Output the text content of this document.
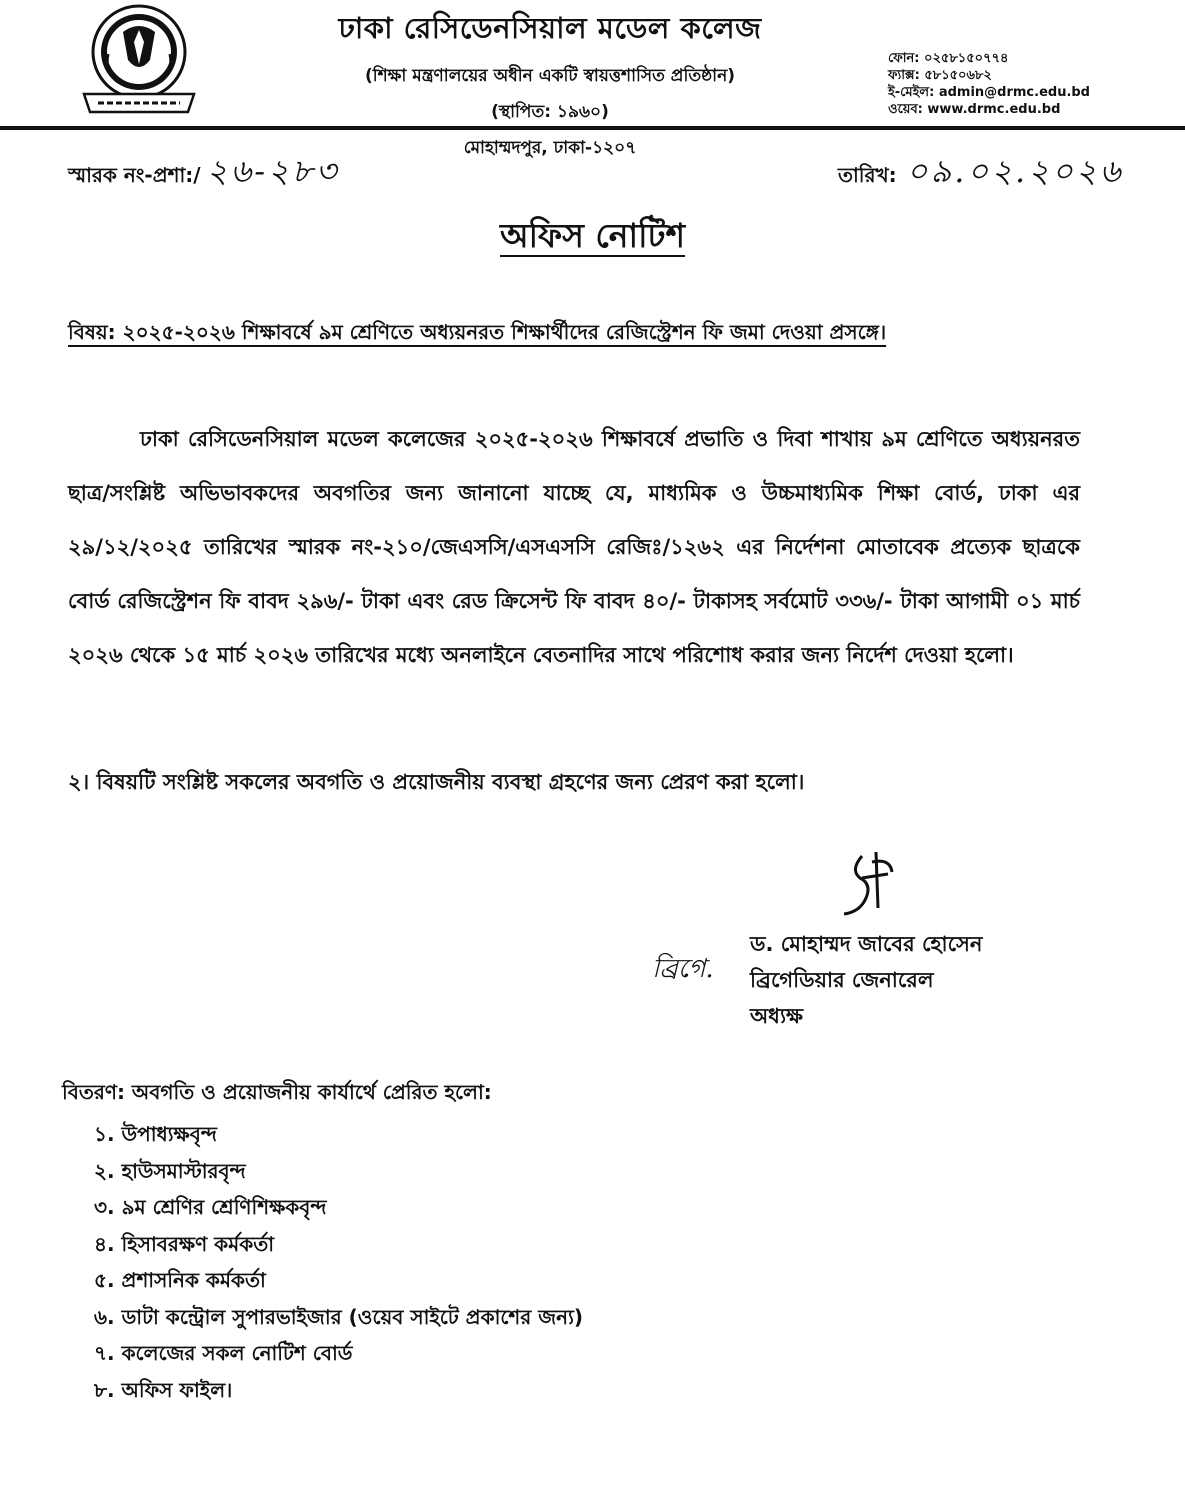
ঢাকা রেসিডেনসিয়াল মডেল কলেজ
(শিক্ষা মন্ত্রণালয়ের অধীন একটি স্বায়ত্তশাসিত প্রতিষ্ঠান)
(স্থাপিত: ১৯৬০)
মোহাম্মদপুর, ঢাকা-১২০৭
ফোন: ০২৫৮১৫০৭৭৪
ফ্যাক্স: ৫৮১৫০৬৮২
ই-মেইল: admin@drmc.edu.bd
ওয়েব: www.drmc.edu.bd
স্মারক নং-প্রশা:/ ২৬-২৮৩	তারিখ: ০৯.০২.২০২৬
অফিস নোটিশ
বিষয়: ২০২৫-২০২৬ শিক্ষাবর্ষে ৯ম শ্রেণিতে অধ্যয়নরত শিক্ষার্থীদের রেজিস্ট্রেশন ফি জমা দেওয়া প্রসঙ্গে।
ঢাকা রেসিডেনসিয়াল মডেল কলেজের ২০২৫-২০২৬ শিক্ষাবর্ষে প্রভাতি ও দিবা শাখায় ৯ম শ্রেণিতে অধ্যয়নরত ছাত্র/সংশ্লিষ্ট অভিভাবকদের অবগতির জন্য জানানো যাচ্ছে যে, মাধ্যমিক ও উচ্চমাধ্যমিক শিক্ষা বোর্ড, ঢাকা এর ২৯/১২/২০২৫ তারিখের স্মারক নং-২১০/জেএসসি/এসএসসি রেজিঃ/১২৬২ এর নির্দেশনা মোতাবেক প্রত্যেক ছাত্রকে বোর্ড রেজিস্ট্রেশন ফি বাবদ ২৯৬/- টাকা এবং রেড ক্রিসেন্ট ফি বাবদ ৪০/- টাকাসহ সর্বমোট ৩৩৬/- টাকা আগামী ০১ মার্চ ২০২৬ থেকে ১৫ মার্চ ২০২৬ তারিখের মধ্যে অনলাইনে বেতনাদির সাথে পরিশোধ করার জন্য নির্দেশ দেওয়া হলো।
২। বিষয়টি সংশ্লিষ্ট সকলের অবগতি ও প্রয়োজনীয় ব্যবস্থা গ্রহণের জন্য প্রেরণ করা হলো।
ব্রিগে.
ড. মোহাম্মদ জাবের হোসেন
ব্রিগেডিয়ার জেনারেল
অধ্যক্ষ
বিতরণ: অবগতি ও প্রয়োজনীয় কার্যার্থে প্রেরিত হলো:
১. উপাধ্যক্ষবৃন্দ
২. হাউসমাস্টারবৃন্দ
৩. ৯ম শ্রেণির শ্রেণিশিক্ষকবৃন্দ
৪. হিসাবরক্ষণ কর্মকর্তা
৫. প্রশাসনিক কর্মকর্তা
৬. ডাটা কন্ট্রোল সুপারভাইজার (ওয়েব সাইটে প্রকাশের জন্য)
৭. কলেজের সকল নোটিশ বোর্ড
৮. অফিস ফাইল।
